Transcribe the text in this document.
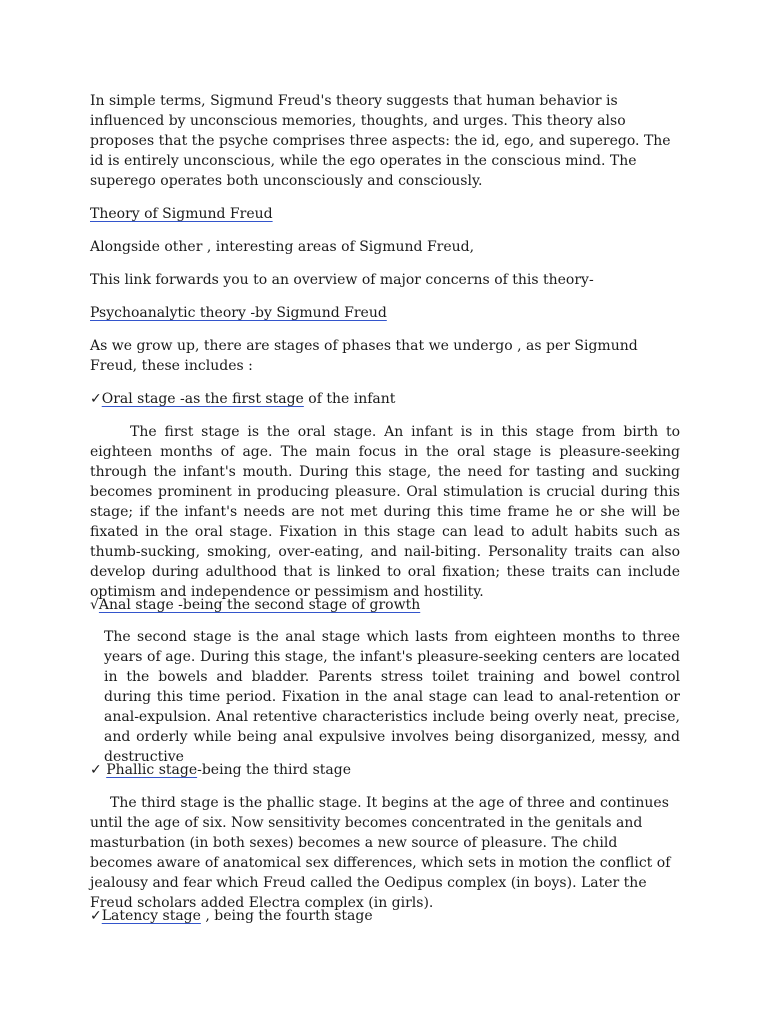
In simple terms, Sigmund Freud's theory suggests that human behavior is influenced by unconscious memories, thoughts, and urges. This theory also proposes that the psyche comprises three aspects: the id, ego, and superego. The id is entirely unconscious, while the ego operates in the conscious mind. The superego operates both unconsciously and consciously.

Theory of Sigmund Freud

Alongside other , interesting areas of Sigmund Freud,

This link forwards you to an overview of major concerns of this theory-

Psychoanalytic theory -by Sigmund Freud

As we grow up, there are stages of phases that we undergo , as per Sigmund Freud, these includes :

✓Oral stage -as the first stage of the infant

The first stage is the oral stage. An infant is in this stage from birth to eighteen months of age. The main focus in the oral stage is pleasure-seeking through the infant's mouth. During this stage, the need for tasting and sucking becomes prominent in producing pleasure. Oral stimulation is crucial during this stage; if the infant's needs are not met during this time frame he or she will be fixated in the oral stage. Fixation in this stage can lead to adult habits such as thumb-sucking, smoking, over-eating, and nail-biting. Personality traits can also develop during adulthood that is linked to oral fixation; these traits can include optimism and independence or pessimism and hostility.

√Anal stage -being the second stage of growth

The second stage is the anal stage which lasts from eighteen months to three years of age. During this stage, the infant's pleasure-seeking centers are located in the bowels and bladder. Parents stress toilet training and bowel control during this time period. Fixation in the anal stage can lead to anal-retention or anal-expulsion. Anal retentive characteristics include being overly neat, precise, and orderly while being anal expulsive involves being disorganized, messy, and destructive

✓ Phallic stage-being the third stage

The third stage is the phallic stage. It begins at the age of three and continues until the age of six. Now sensitivity becomes concentrated in the genitals and masturbation (in both sexes) becomes a new source of pleasure. The child becomes aware of anatomical sex differences, which sets in motion the conflict of jealousy and fear which Freud called the Oedipus complex (in boys). Later the Freud scholars added Electra complex (in girls).

✓Latency stage , being the fourth stage
